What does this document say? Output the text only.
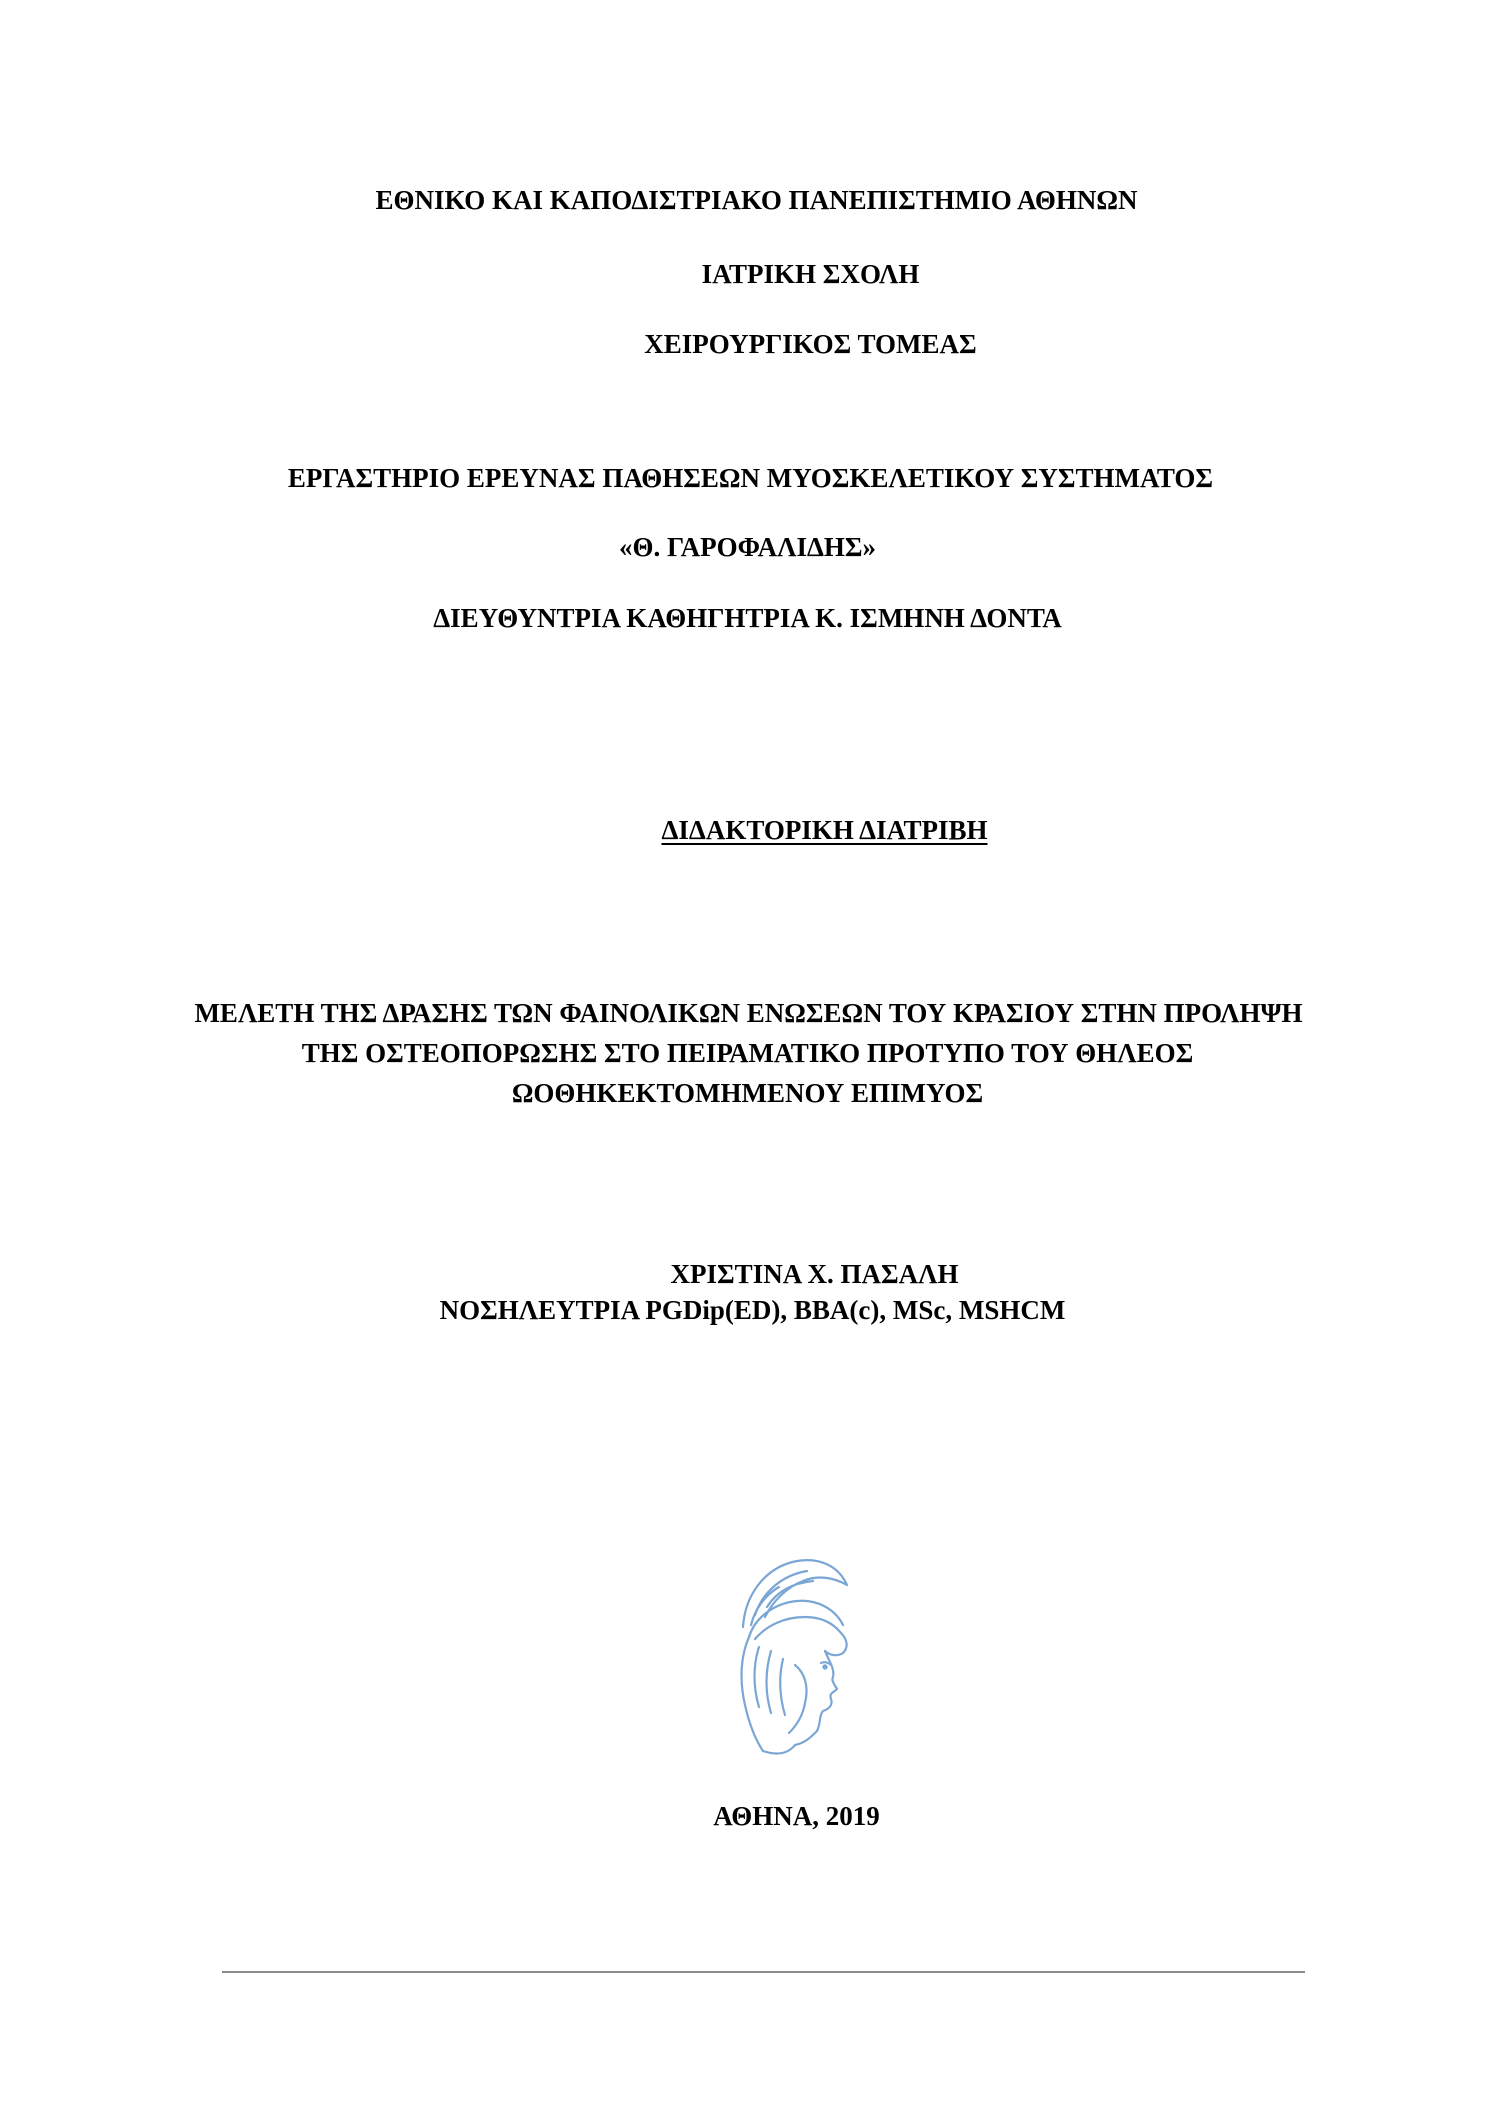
ΕΘΝΙΚΟ ΚΑΙ ΚΑΠΟΔΙΣΤΡΙΑΚΟ ΠΑΝΕΠΙΣΤΗΜΙΟ ΑΘΗΝΩΝ
ΙΑΤΡΙΚΗ ΣΧΟΛΗ
ΧΕΙΡΟΥΡΓΙΚΟΣ ΤΟΜΕΑΣ
ΕΡΓΑΣΤΗΡΙΟ ΕΡΕΥΝΑΣ ΠΑΘΗΣΕΩΝ ΜΥΟΣΚΕΛΕΤΙΚΟΥ ΣΥΣΤΗΜΑΤΟΣ
«Θ. ΓΑΡΟΦΑΛΙΔΗΣ»
ΔΙΕΥΘΥΝΤΡΙΑ ΚΑΘΗΓΗΤΡΙΑ Κ. ΙΣΜΗΝΗ ΔΟΝΤΑ
ΔΙΔΑΚΤΟΡΙΚΗ ΔΙΑΤΡΙΒΗ
ΜΕΛΕΤΗ ΤΗΣ ΔΡΑΣΗΣ ΤΩΝ ΦΑΙΝΟΛΙΚΩΝ ΕΝΩΣΕΩΝ ΤΟΥ ΚΡΑΣΙΟΥ ΣΤΗΝ ΠΡΟΛΗΨΗ
ΤΗΣ ΟΣΤΕΟΠΟΡΩΣΗΣ ΣΤΟ ΠΕΙΡΑΜΑΤΙΚΟ ΠΡΟΤΥΠΟ ΤΟΥ ΘΗΛΕΟΣ
ΩΟΘΗΚΕΚΤΟΜΗΜΕΝΟΥ ΕΠΙΜΥΟΣ
ΧΡΙΣΤΙΝΑ Χ. ΠΑΣΑΛΗ
ΝΟΣΗΛΕΥΤΡΙΑ PGDip(ED), BBA(c), MSc, MSHCM
ΑΘΗΝΑ, 2019
